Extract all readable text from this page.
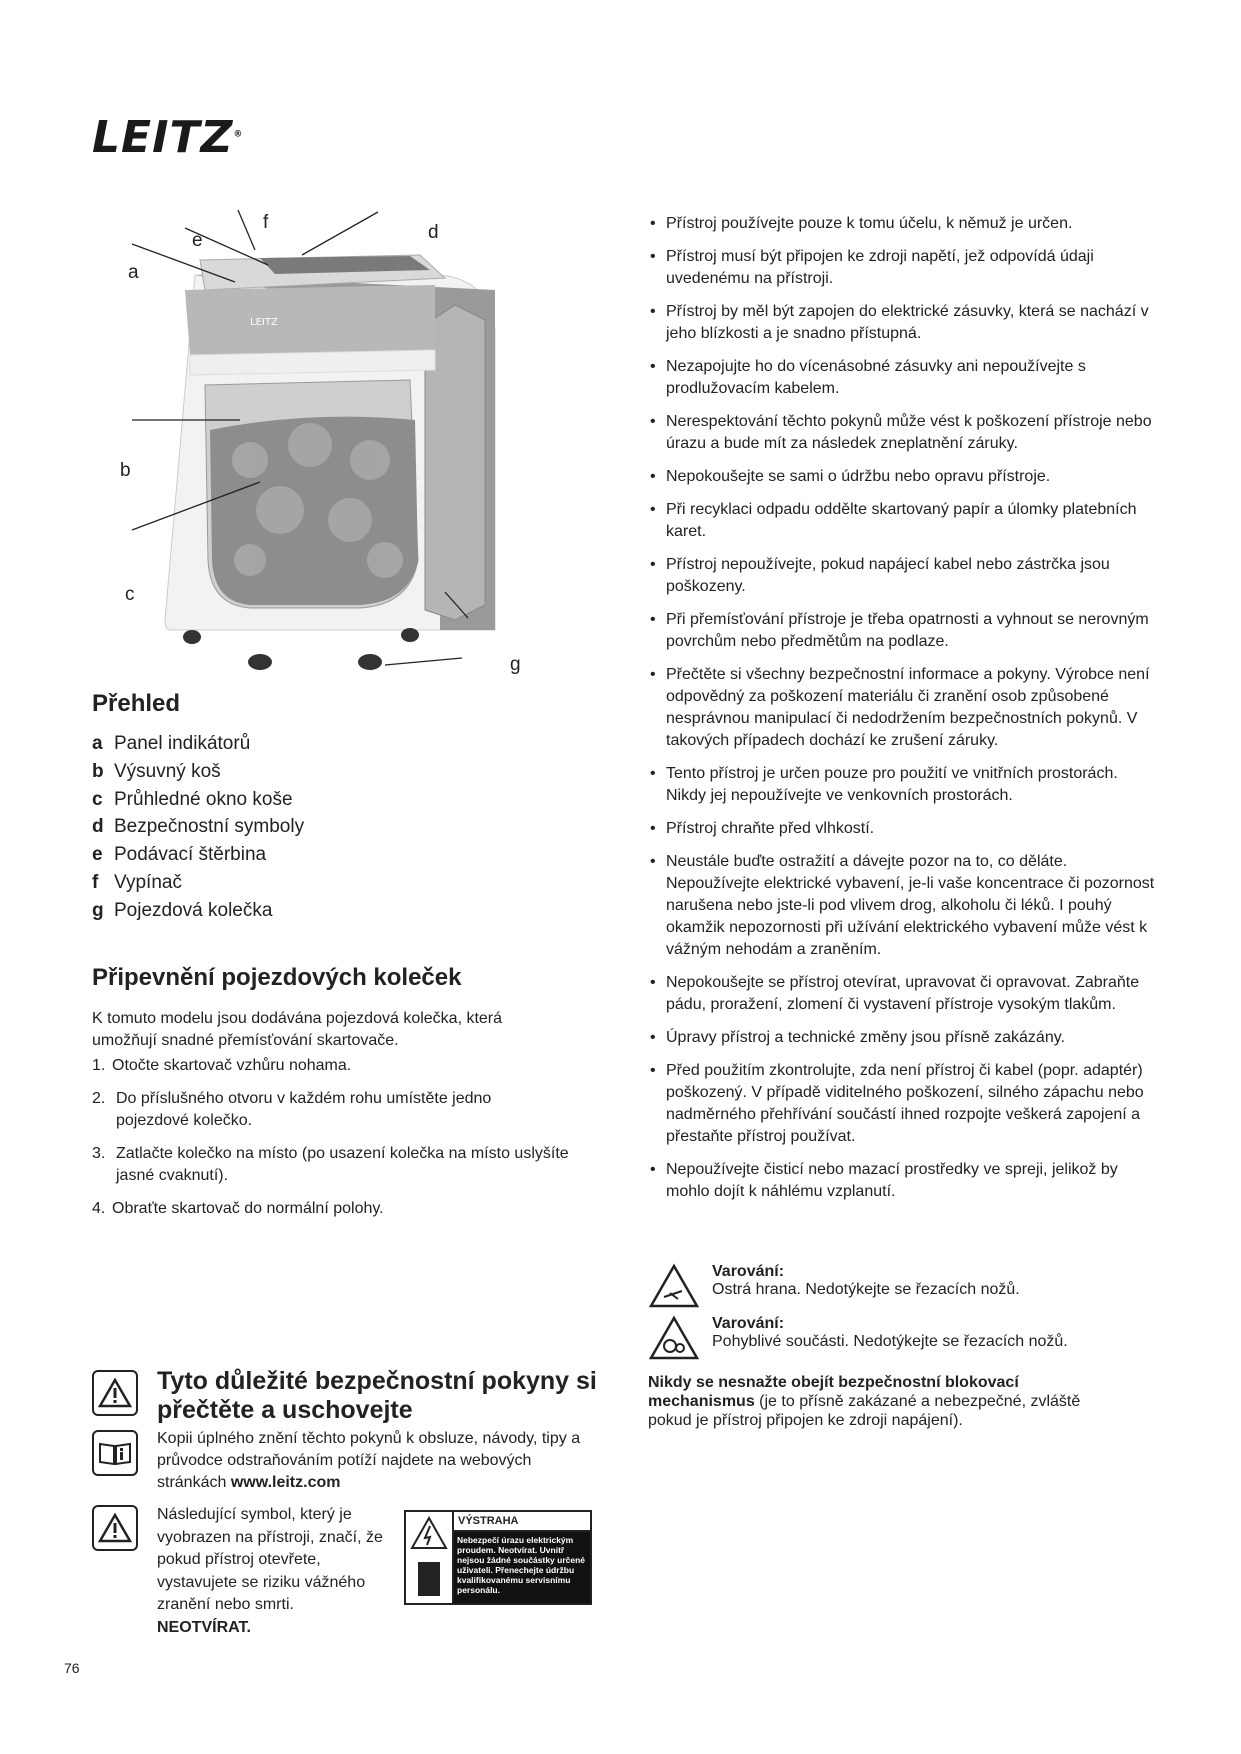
LEITZ®
LEITZ
a
b
c
d
e
f
g
Přehled
a Panel indikátorů
b Výsuvný koš
c Průhledné okno koše
d Bezpečnostní symboly
e Podávací štěrbina
f Vypínač
g Pojezdová kolečka
Připevnění pojezdových koleček
K tomuto modelu jsou dodávána pojezdová kolečka, která umožňují snadné přemísťování skartovače.
1. Otočte skartovač vzhůru nohama.
2. Do příslušného otvoru v každém rohu umístěte jedno pojezdové kolečko.
3. Zatlačte kolečko na místo (po usazení kolečka na místo uslyšíte jasné cvaknutí).
4. Obraťte skartovač do normální polohy.
Tyto důležité bezpečnostní pokyny si přečtěte a uschovejte
Kopii úplného znění těchto pokynů k obsluze, návody, tipy a průvodce odstraňováním potíží najdete na webových stránkách www.leitz.com
Následující symbol, který je vyobrazen na přístroji, značí, že pokud přístroj otevřete, vystavujete se riziku vážného zranění nebo smrti.
NEOTVÍRAT.
VÝSTRAHA
Nebezpečí úrazu elektrickým proudem. Neotvírat. Uvnitř nejsou žádné součástky určené uživateli. Přenechejte údržbu kvalifikovanému servisnímu personálu.
• Přístroj používejte pouze k tomu účelu, k němuž je určen.
• Přístroj musí být připojen ke zdroji napětí, jež odpovídá údaji uvedenému na přístroji.
• Přístroj by měl být zapojen do elektrické zásuvky, která se nachází v jeho blízkosti a je snadno přístupná.
• Nezapojujte ho do vícenásobné zásuvky ani nepoužívejte s prodlužovacím kabelem.
• Nerespektování těchto pokynů může vést k poškození přístroje nebo úrazu a bude mít za následek zneplatnění záruky.
• Nepokoušejte se sami o údržbu nebo opravu přístroje.
• Při recyklaci odpadu oddělte skartovaný papír a úlomky platebních karet.
• Přístroj nepoužívejte, pokud napájecí kabel nebo zástrčka jsou poškozeny.
• Při přemísťování přístroje je třeba opatrnosti a vyhnout se nerovným povrchům nebo předmětům na podlaze.
• Přečtěte si všechny bezpečnostní informace a pokyny. Výrobce není odpovědný za poškození materiálu či zranění osob způsobené nesprávnou manipulací či nedodržením bezpečnostních pokynů. V takových případech dochází ke zrušení záruky.
• Tento přístroj je určen pouze pro použití ve vnitřních prostorách. Nikdy jej nepoužívejte ve venkovních prostorách.
• Přístroj chraňte před vlhkostí.
• Neustále buďte ostražití a dávejte pozor na to, co děláte. Nepoužívejte elektrické vybavení, je-li vaše koncentrace či pozornost narušena nebo jste-li pod vlivem drog, alkoholu či léků. I pouhý okamžik nepozornosti při užívání elektrického vybavení může vést k vážným nehodám a zraněním.
• Nepokoušejte se přístroj otevírat, upravovat či opravovat. Zabraňte pádu, proražení, zlomení či vystavení přístroje vysokým tlakům.
• Úpravy přístroj a technické změny jsou přísně zakázány.
• Před použitím zkontrolujte, zda není přístroj či kabel (popr. adaptér) poškozený. V případě viditelného poškození, silného zápachu nebo nadměrného přehřívání součástí ihned rozpojte veškerá zapojení a přestaňte přístroj používat.
• Nepoužívejte čisticí nebo mazací prostředky ve spreji, jelikož by mohlo dojít k náhlému vzplanutí.
Varování:
Ostrá hrana. Nedotýkejte se řezacích nožů.
Varování:
Pohyblivé součásti. Nedotýkejte se řezacích nožů.
Nikdy se nesnažte obejít bezpečnostní blokovací mechanismus (je to přísně zakázané a nebezpečné, zvláště pokud je přístroj připojen ke zdroji napájení).
76
